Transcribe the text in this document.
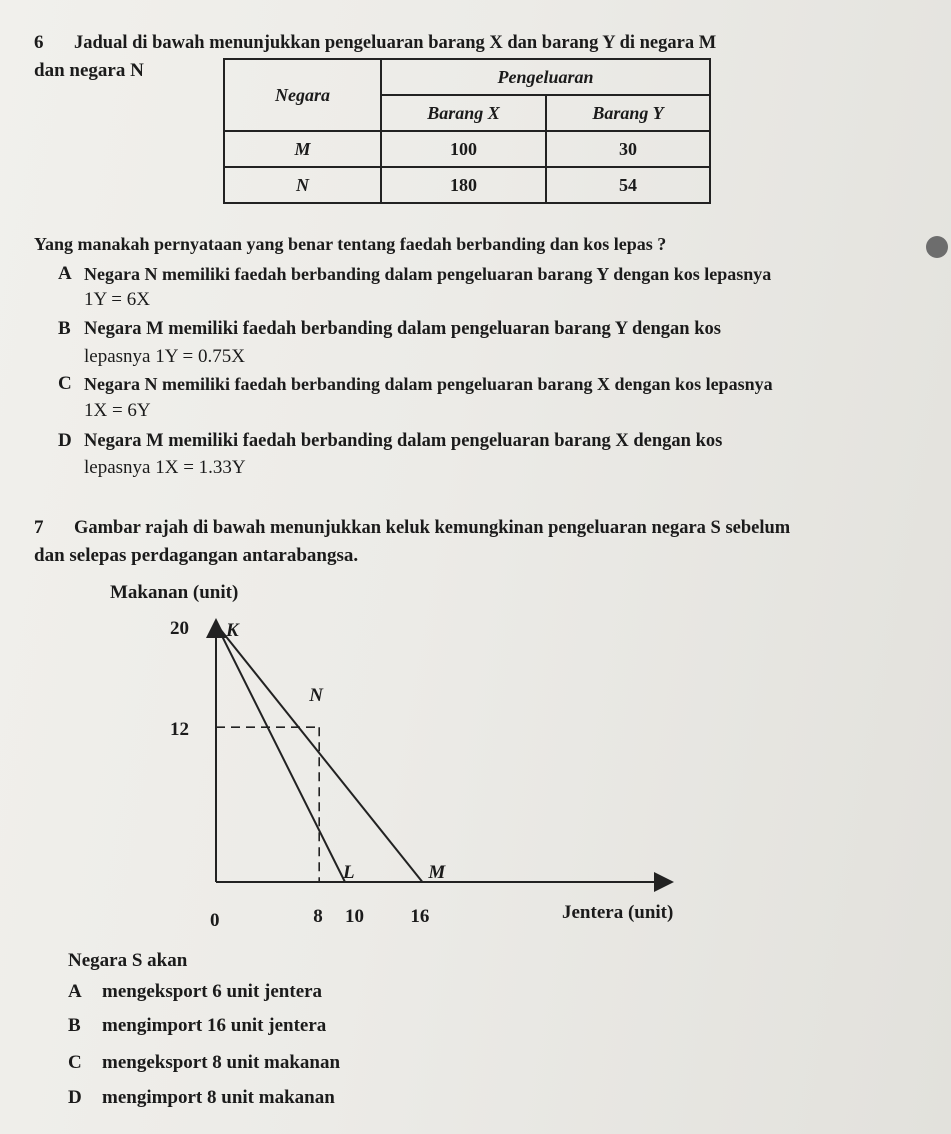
6 Jadual di bawah menunjukkan pengeluaran barang X dan barang Y di negara M
dan negara N
Negara	Pengeluaran	
	Barang X	Barang Y
M	100	30
N	180	54
Yang manakah pernyataan yang benar tentang faedah berbanding dan kos lepas ?
A Negara N memiliki faedah berbanding dalam pengeluaran barang Y dengan kos lepasnya
1Y = 6X
B Negara M memiliki faedah berbanding dalam pengeluaran barang Y dengan kos
lepasnya 1Y = 0.75X
C Negara N memiliki faedah berbanding dalam pengeluaran barang X dengan kos lepasnya
1X = 6Y
D Negara M memiliki faedah berbanding dalam pengeluaran barang X dengan kos
lepasnya 1X = 1.33Y
7 Gambar rajah di bawah menunjukkan keluk kemungkinan pengeluaran negara S sebelum
dan selepas perdagangan antarabangsa.
Makanan (unit)
20
12
8 10 16
K
L	M
N
Jentera (unit)
0
Negara S akan
A mengeksport 6 unit jentera
B mengimport 16 unit jentera
C mengeksport 8 unit makanan
D mengimport 8 unit makanan
